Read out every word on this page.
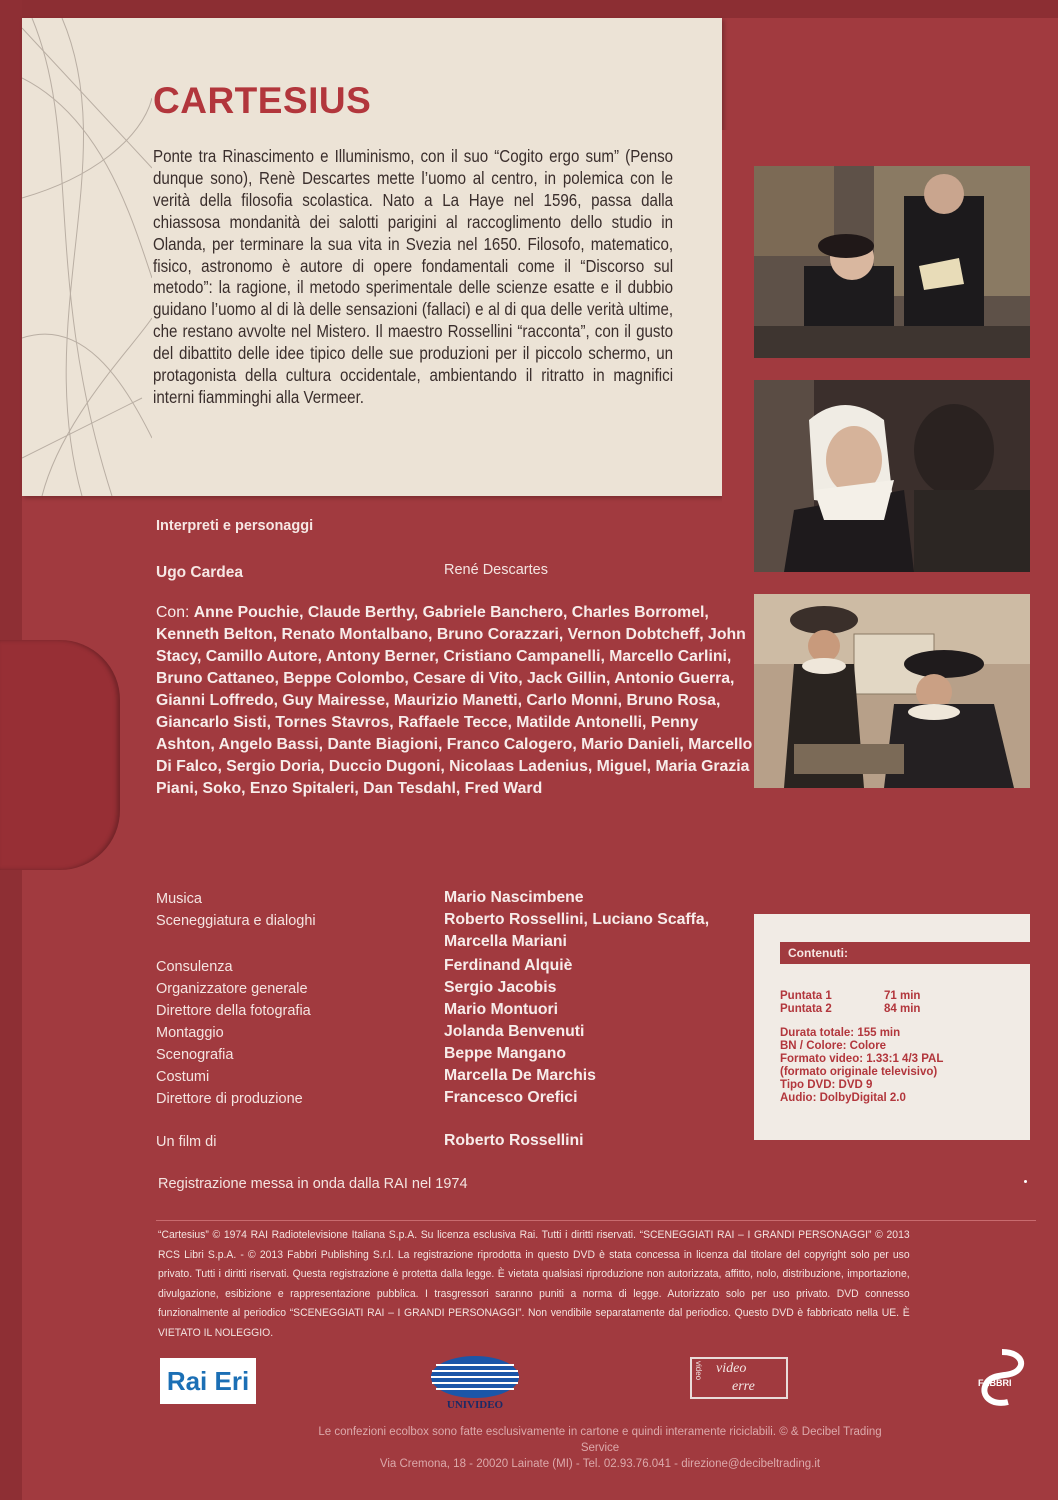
CARTESIUS
Ponte tra Rinascimento e Illuminismo, con il suo “Cogito ergo sum” (Penso dunque sono), Renè Descartes mette l’uomo al centro, in polemica con le verità della filosofia scolastica. Nato a La Haye nel 1596, passa dalla chiassosa mondanità dei salotti parigini al raccoglimento dello studio in Olanda, per terminare la sua vita in Svezia nel 1650. Filosofo, matematico, fisico, astronomo è autore di opere fondamentali come il “Discorso sul metodo”: la ragione, il metodo sperimentale delle scienze esatte e il dubbio guidano l’uomo al di là delle sensazioni (fallaci) e al di qua delle verità ultime, che restano avvolte nel Mistero. Il maestro Rossellini “racconta”, con il gusto del dibattito delle idee tipico delle sue produzioni per il piccolo schermo, un protagonista della cultura occidentale, ambientando il ritratto in magnifici interni fiamminghi alla Vermeer.
Interpreti e personaggi
Ugo Cardea	René Descartes
Con: Anne Pouchie, Claude Berthy, Gabriele Banchero, Charles Borromel, Kenneth Belton, Renato Montalbano, Bruno Corazzari, Vernon Dobtcheff, John Stacy, Camillo Autore, Antony Berner, Cristiano Campanelli, Marcello Carlini, Bruno Cattaneo, Beppe Colombo, Cesare di Vito, Jack Gillin, Antonio Guerra, Gianni Loffredo, Guy Mairesse, Maurizio Manetti, Carlo Monni, Bruno Rosa, Giancarlo Sisti, Tornes Stavros, Raffaele Tecce, Matilde Antonelli, Penny Ashton, Angelo Bassi, Dante Biagioni, Franco Calogero, Mario Danieli, Marcello Di Falco, Sergio Doria, Duccio Dugoni, Nicolaas Ladenius, Miguel, Maria Grazia Piani, Soko, Enzo Spitaleri, Dan Tesdahl, Fred Ward
Musica	Mario Nascimbene
Sceneggiatura e dialoghi	Roberto Rossellini, Luciano Scaffa, Marcella Mariani
Consulenza	Ferdinand Alquiè
Organizzatore generale	Sergio Jacobis
Direttore della fotografia	Mario Montuori
Montaggio	Jolanda Benvenuti
Scenografia	Beppe Mangano
Costumi	Marcella De Marchis
Direttore di produzione	Francesco Orefici
Un film di	Roberto Rossellini
Registrazione messa in onda dalla RAI nel 1974
Contenuti:
Puntata 1	71 min
Puntata 2	84 min
Durata totale: 155 min
BN / Colore: Colore
Formato video: 1.33:1 4/3 PAL
(formato originale televisivo)
Tipo DVD: DVD 9
Audio: DolbyDigital 2.0
“Cartesius” © 1974 RAI Radiotelevisione Italiana S.p.A. Su licenza esclusiva Rai. Tutti i diritti riservati. “SCENEGGIATI RAI – I GRANDI PERSONAGGI” © 2013 RCS Libri S.p.A. - © 2013 Fabbri Publishing S.r.l. La registrazione riprodotta in questo DVD è stata concessa in licenza dal titolare del copyright solo per uso privato. Tutti i diritti riservati. Questa registrazione è protetta dalla legge. È vietata qualsiasi riproduzione non autorizzata, affitto, nolo, distribuzione, importazione, divulgazione, esibizione e rappresentazione pubblica. I trasgressori saranno puniti a norma di legge. Autorizzato solo per uso privato. DVD connesso funzionalmente al periodico “SCENEGGIATI RAI – I GRANDI PERSONAGGI”. Non vendibile separatamente dal periodico. Questo DVD è fabbricato nella UE. È VIETATO IL NOLEGGIO.
Rai Eri
UNIVIDEO
video video
erre	FABBRI
Le confezioni ecolbox sono fatte esclusivamente in cartone e quindi interamente riciclabili. © & Decibel Trading Service
Via Cremona, 18 - 20020 Lainate (MI) - Tel. 02.93.76.041 - direzione@decibeltrading.it
